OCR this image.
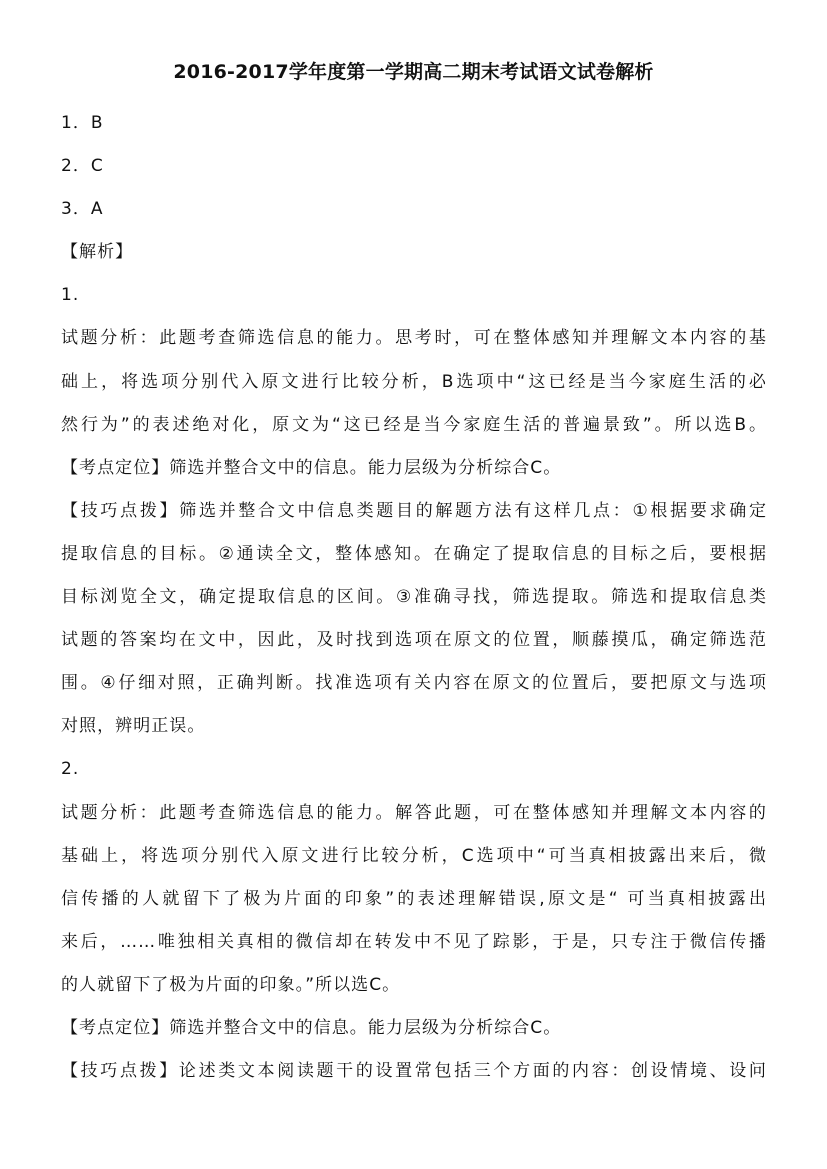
2016-2017学年度第一学期高二期末考试语文试卷解析
1．B
2．C
3．A
【解析】
1.
试题分析：此题考查筛选信息的能力。思考时，可在整体感知并理解文本内容的基
础上，将选项分别代入原文进行比较分析，B选项中“这已经是当今家庭生活的必
然行为”的表述绝对化，原文为“这已经是当今家庭生活的普遍景致”。所以选B。
【考点定位】筛选并整合文中的信息。能力层级为分析综合C。
【技巧点拨】筛选并整合文中信息类题目的解题方法有这样几点：①根据要求确定
提取信息的目标。②通读全文，整体感知。在确定了提取信息的目标之后，要根据
目标浏览全文，确定提取信息的区间。③准确寻找，筛选提取。筛选和提取信息类
试题的答案均在文中，因此，及时找到选项在原文的位置，顺藤摸瓜，确定筛选范
围。④仔细对照，正确判断。找准选项有关内容在原文的位置后，要把原文与选项
对照，辨明正误。
2.
试题分析：此题考查筛选信息的能力。解答此题，可在整体感知并理解文本内容的
基础上，将选项分别代入原文进行比较分析，C选项中“可当真相披露出来后，微
信传播的人就留下了极为片面的印象”的表述理解错误,原文是“ 可当真相披露出
来后，……唯独相关真相的微信却在转发中不见了踪影，于是，只专注于微信传播
的人就留下了极为片面的印象。”所以选C。
【考点定位】筛选并整合文中的信息。能力层级为分析综合C。
【技巧点拨】论述类文本阅读题干的设置常包括三个方面的内容：创设情境、设问
